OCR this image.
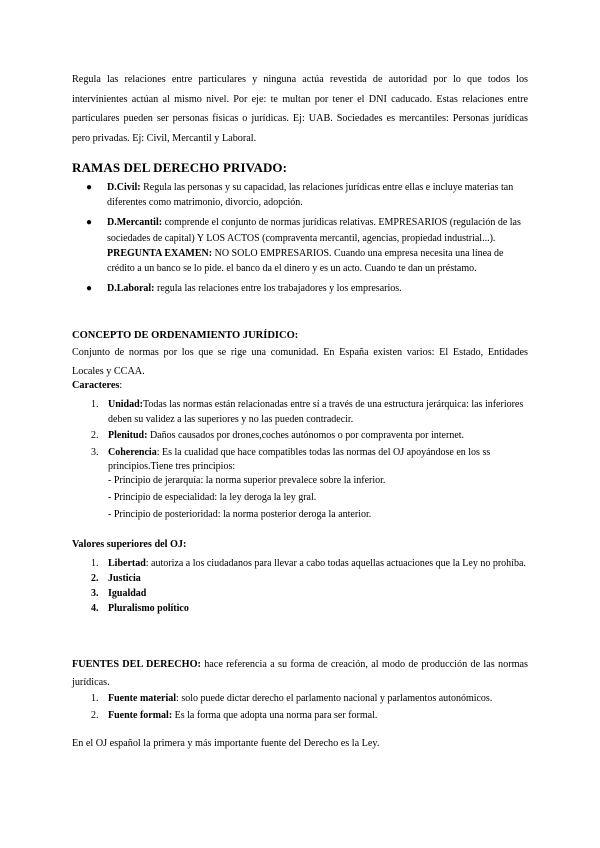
Regula las relaciones entre particulares y ninguna actúa revestida de autoridad por lo que todos los intervinientes actúan al mismo nivel. Por eje: te multan por tener el DNI caducado. Estas relaciones entre particulares pueden ser personas físicas o jurídicas. Ej: UAB. Sociedades es mercantiles: Personas jurídicas pero privadas. Ej: Civil, Mercantil y Laboral.

RAMAS DEL DERECHO PRIVADO:
● D.Civil: Regula las personas y su capacidad, las relaciones jurídicas entre ellas e incluye materias tan diferentes como matrimonio, divorcio, adopción.
● D.Mercantil: comprende el conjunto de normas jurídicas relativas. EMPRESARIOS (regulación de las sociedades de capital) Y LOS ACTOS (compraventa mercantil, agencias, propiedad industrial...). PREGUNTA EXAMEN: NO SOLO EMPRESARIOS. Cuando una empresa necesita una línea de crédito a un banco se lo pide. el banco da el dinero y es un acto. Cuando te dan un préstamo.
● D.Laboral: regula las relaciones entre los trabajadores y los empresarios.
CONCEPTO DE ORDENAMIENTO JURÍDICO:

Conjunto de normas por los que se rige una comunidad. En España existen varios: El Estado, Entidades Locales y CCAA.

Caracteres:
1. Unidad:Todas las normas están relacionadas entre sí a través de una estructura jerárquica: las inferiores deben su validez a las superiores y no las pueden contradecir.
2. Plenitud: Daños causados por drones,coches autónomos o por compraventa por internet.
3. Coherencia: Es la cualidad que hace compatibles todas las normas del OJ apoyándose en los ss principios.Tiene tres principios:
- Principio de jerarquía: la norma superior prevalece sobre la inferior.
- Principio de especialidad: la ley deroga la ley gral.
- Principio de posterioridad: la norma posterior deroga la anterior.
Valores superiores del OJ:
1. Libertad: autoriza a los ciudadanos para llevar a cabo todas aquellas actuaciones que la Ley no prohíba.
2. Justicia
3. Igualdad
4. Pluralismo político

FUENTES DEL DERECHO: hace referencia a su forma de creación, al modo de producción de las normas jurídicas.

1. Fuente material: solo puede dictar derecho el parlamento nacional y parlamentos autonómicos.
2. Fuente formal: Es la forma que adopta una norma para ser formal.
En el OJ español la primera y más importante fuente del Derecho es la Ley.
